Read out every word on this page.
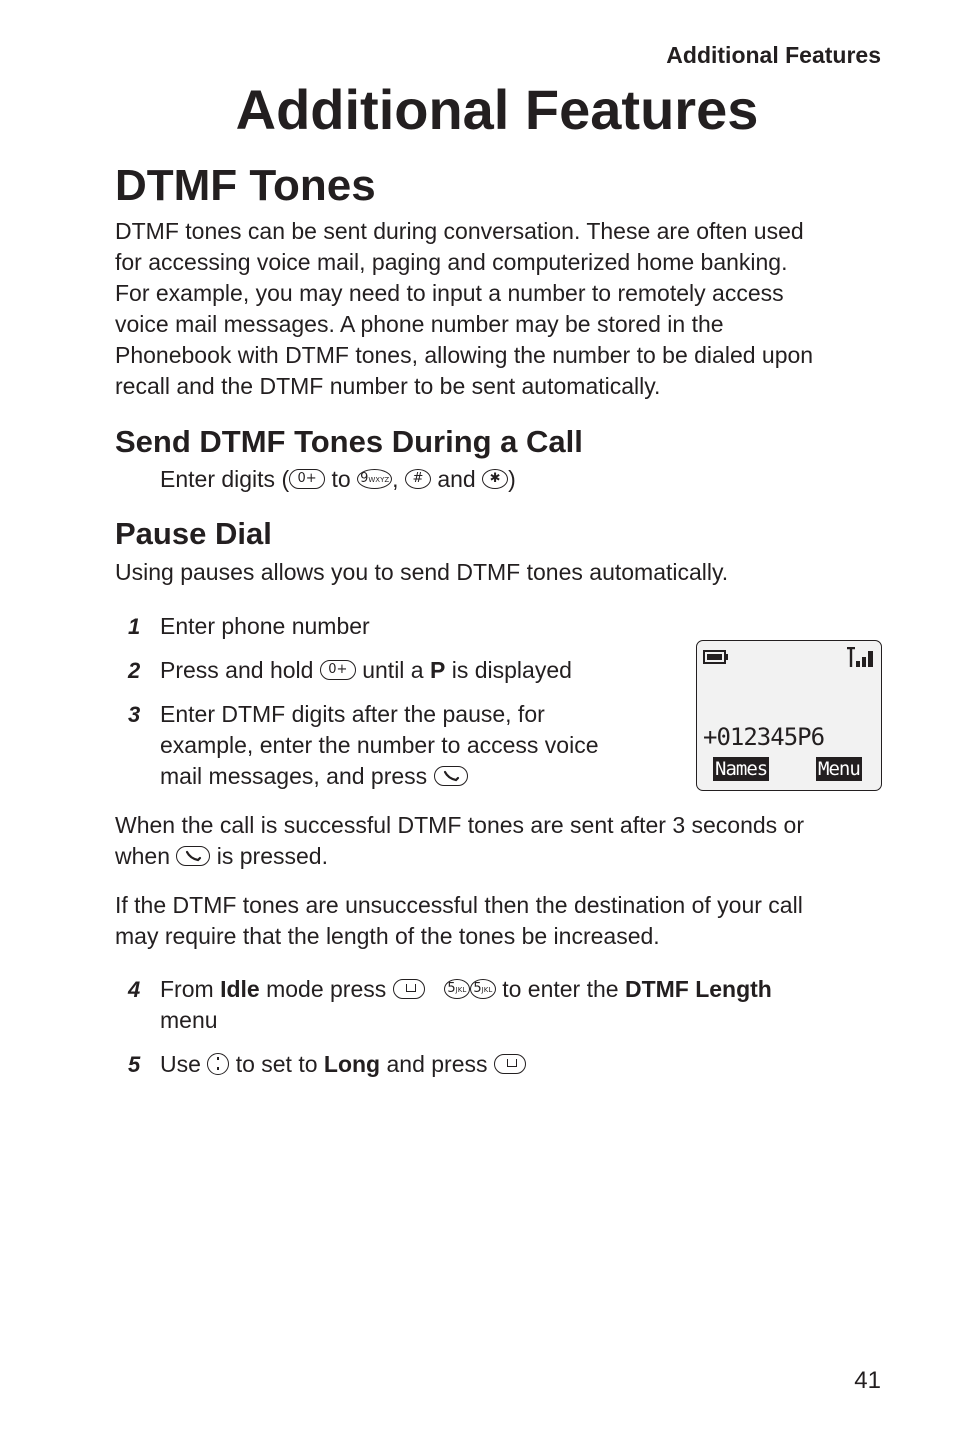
Additional Features
Additional Features
DTMF Tones
DTMF tones can be sent during conversation. These are often used
for accessing voice mail, paging and computerized home banking.
For example, you may need to input a number to remotely access
voice mail messages. A phone number may be stored in the
Phonebook with DTMF tones, allowing the number to be dialed upon
recall and the DTMF number to be sent automatically.
Send DTMF Tones During a Call
Enter digits ( 0+ to 9WXYZ , # and ✱ )
Pause Dial
Using pauses allows you to send DTMF tones automatically.
1 Enter phone number
2 Press and hold 0+ until a P is displayed
3 Enter DTMF digits after the pause, for
example, enter the number to access voice
mail messages, and press
+012345P6
Names	Menu
When the call is successful DTMF tones are sent after 3 seconds or
when is pressed.
If the DTMF tones are unsuccessful then the destination of your call
may require that the length of the tones be increased.
4 From Idle mode press	5JKL 5JKL to enter the DTMF Length
menu
5 Use to set to Long and press
41
